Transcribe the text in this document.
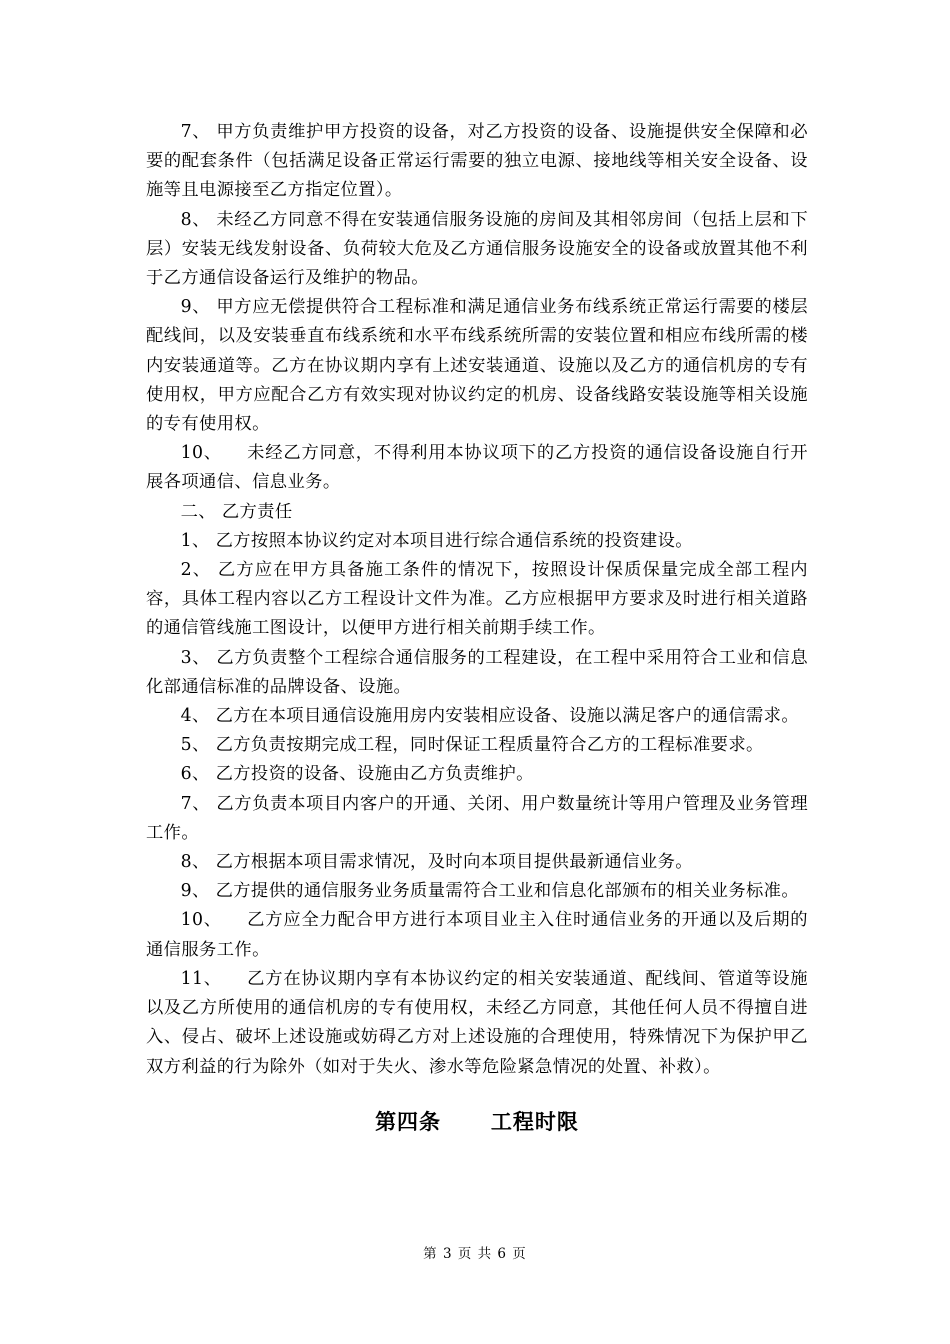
7、 甲方负责维护甲方投资的设备，对乙方投资的设备、设施提供安全保障和必要的配套条件（包括满足设备正常运行需要的独立电源、接地线等相关安全设备、设施等且电源接至乙方指定位置）。

8、 未经乙方同意不得在安装通信服务设施的房间及其相邻房间（包括上层和下层）安装无线发射设备、负荷较大危及乙方通信服务设施安全的设备或放置其他不利于乙方通信设备运行及维护的物品。

9、 甲方应无偿提供符合工程标准和满足通信业务布线系统正常运行需要的楼层配线间，以及安装垂直布线系统和水平布线系统所需的安装位置和相应布线所需的楼内安装通道等。乙方在协议期内享有上述安装通道、设施以及乙方的通信机房的专有使用权，甲方应配合乙方有效实现对协议约定的机房、设备线路安装设施等相关设施的专有使用权。

10、    未经乙方同意，不得利用本协议项下的乙方投资的通信设备设施自行开展各项通信、信息业务。

二、 乙方责任

1、 乙方按照本协议约定对本项目进行综合通信系统的投资建设。

2、 乙方应在甲方具备施工条件的情况下，按照设计保质保量完成全部工程内容，具体工程内容以乙方工程设计文件为准。乙方应根据甲方要求及时进行相关道路的通信管线施工图设计，以便甲方进行相关前期手续工作。

3、 乙方负责整个工程综合通信服务的工程建设，在工程中采用符合工业和信息化部通信标准的品牌设备、设施。

4、 乙方在本项目通信设施用房内安装相应设备、设施以满足客户的通信需求。

5、 乙方负责按期完成工程，同时保证工程质量符合乙方的工程标准要求。

6、 乙方投资的设备、设施由乙方负责维护。

7、 乙方负责本项目内客户的开通、关闭、用户数量统计等用户管理及业务管理工作。

8、 乙方根据本项目需求情况，及时向本项目提供最新通信业务。

9、 乙方提供的通信服务业务质量需符合工业和信息化部颁布的相关业务标准。

10、    乙方应全力配合甲方进行本项目业主入住时通信业务的开通以及后期的通信服务工作。

11、    乙方在协议期内享有本协议约定的相关安装通道、配线间、管道等设施以及乙方所使用的通信机房的专有使用权，未经乙方同意，其他任何人员不得擅自进入、侵占、破坏上述设施或妨碍乙方对上述设施的合理使用，特殊情况下为保护甲乙双方利益的行为除外（如对于失火、渗水等危险紧急情况的处置、补救）。

第四条      工程时限
第 3 页 共 6 页
